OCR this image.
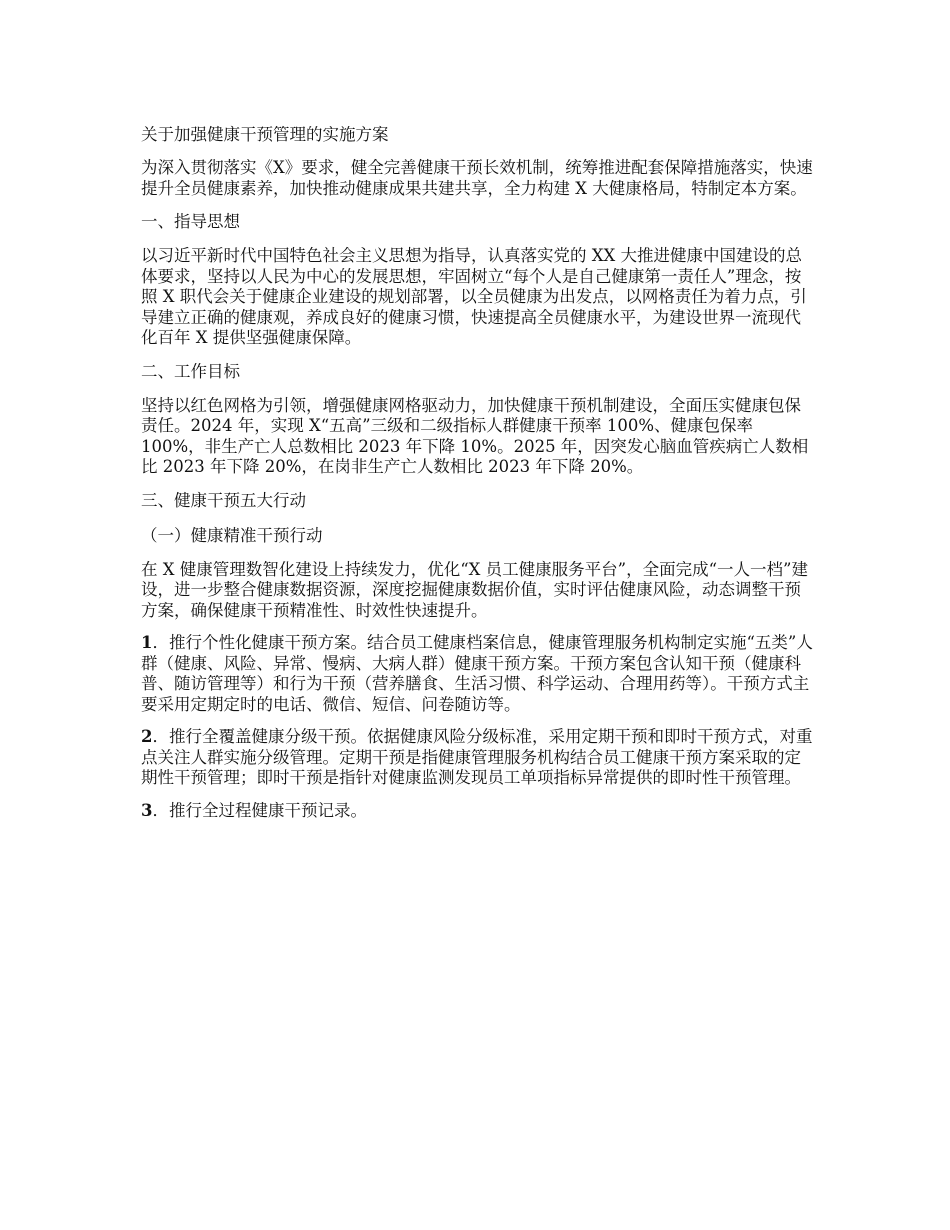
关于加强健康干预管理的实施方案

为深入贯彻落实《X》要求，健全完善健康干预长效机制，统筹推进配套保障措施落实，快速提升全员健康素养，加快推动健康成果共建共享，全力构建 X 大健康格局，特制定本方案。

一、指导思想

以习近平新时代中国特色社会主义思想为指导，认真落实党的 XX 大推进健康中国建设的总体要求，坚持以人民为中心的发展思想，牢固树立“每个人是自己健康第一责任人”理念，按照 X 职代会关于健康企业建设的规划部署，以全员健康为出发点，以网格责任为着力点，引导建立正确的健康观，养成良好的健康习惯，快速提高全员健康水平，为建设世界一流现代化百年 X 提供坚强健康保障。

二、工作目标

坚持以红色网格为引领，增强健康网格驱动力，加快健康干预机制建设，全面压实健康包保责任。2024 年，实现 X“五高”三级和二级指标人群健康干预率 100%、健康包保率 100%，非生产亡人总数相比 2023 年下降 10%。2025 年，因突发心脑血管疾病亡人数相比 2023 年下降 20%，在岗非生产亡人数相比 2023 年下降 20%。

三、健康干预五大行动
（一）健康精准干预行动

在 X 健康管理数智化建设上持续发力，优化“X 员工健康服务平台”，全面完成“一人一档”建设，进一步整合健康数据资源，深度挖掘健康数据价值，实时评估健康风险，动态调整干预方案，确保健康干预精准性、时效性快速提升。

1．推行个性化健康干预方案。结合员工健康档案信息，健康管理服务机构制定实施“五类”人群（健康、风险、异常、慢病、大病人群）健康干预方案。干预方案包含认知干预（健康科普、随访管理等）和行为干预（营养膳食、生活习惯、科学运动、合理用药等）。干预方式主要采用定期定时的电话、微信、短信、问卷随访等。

2．推行全覆盖健康分级干预。依据健康风险分级标准，采用定期干预和即时干预方式，对重点关注人群实施分级管理。定期干预是指健康管理服务机构结合员工健康干预方案采取的定期性干预管理；即时干预是指针对健康监测发现员工单项指标异常提供的即时性干预管理。

3．推行全过程健康干预记录。
